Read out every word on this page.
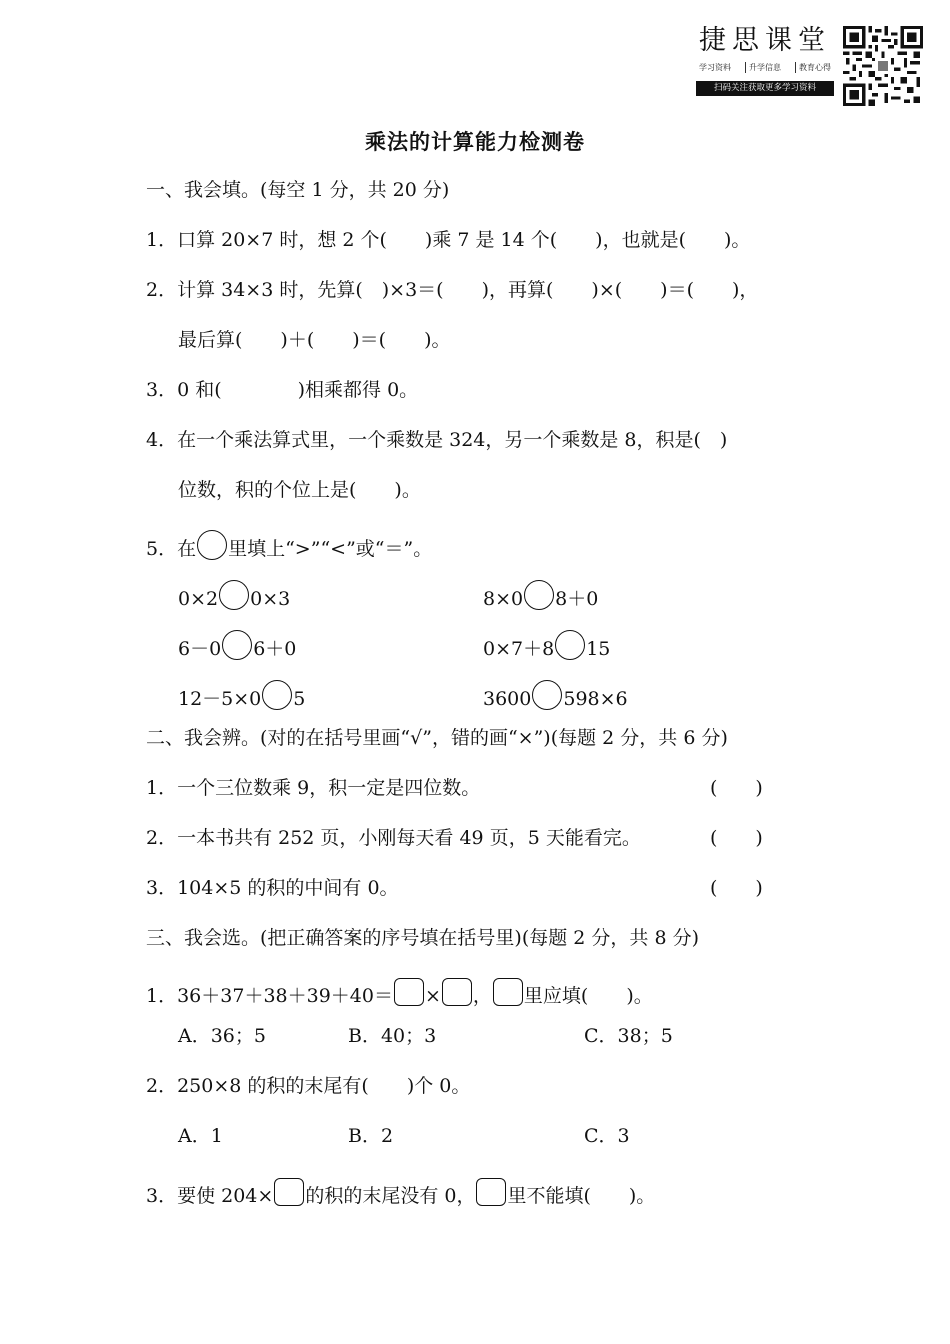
捷思课堂
学习资料	升学信息	教育心得
扫码关注获取更多学习资料
乘法的计算能力检测卷
一、我会填。(每空 1 分，共 20 分)
1．口算 20×7 时，想 2 个(　　)乘 7 是 14 个(　　)，也就是(　　)。
2．计算 34×3 时，先算(　)×3＝(　　)，再算(　　)×(　　)＝(　　)，
最后算(　　)＋(　　)＝(　　)。
3．0 和(　　　　)相乘都得 0。
4．在一个乘法算式里，一个乘数是 324，另一个乘数是 8，积是(　)
位数，积的个位上是(　　)。
5．在 里填上“>”“<”或“＝”。
0×2 0×3	8×0 8＋0
6－0 6＋0	0×7＋8 15
12－5×0 5	3600 598×6
二、我会辨。(对的在括号里画“√”，错的画“×”)(每题 2 分，共 6 分)
1．一个三位数乘 9，积一定是四位数。	(　　)
2．一本书共有 252 页，小刚每天看 49 页，5 天能看完。	(　　)
3．104×5 的积的中间有 0。	(　　)
三、我会选。(把正确答案的序号填在括号里)(每题 2 分，共 8 分)
1．36＋37＋38＋39＋40＝ × ， 里应填(　　)。
A．36；5	B．40；3	C．38；5
2．250×8 的积的末尾有(　　)个 0。
A．1	B．2	C．3
3．要使 204× 的积的末尾没有 0， 里不能填(　　)。
